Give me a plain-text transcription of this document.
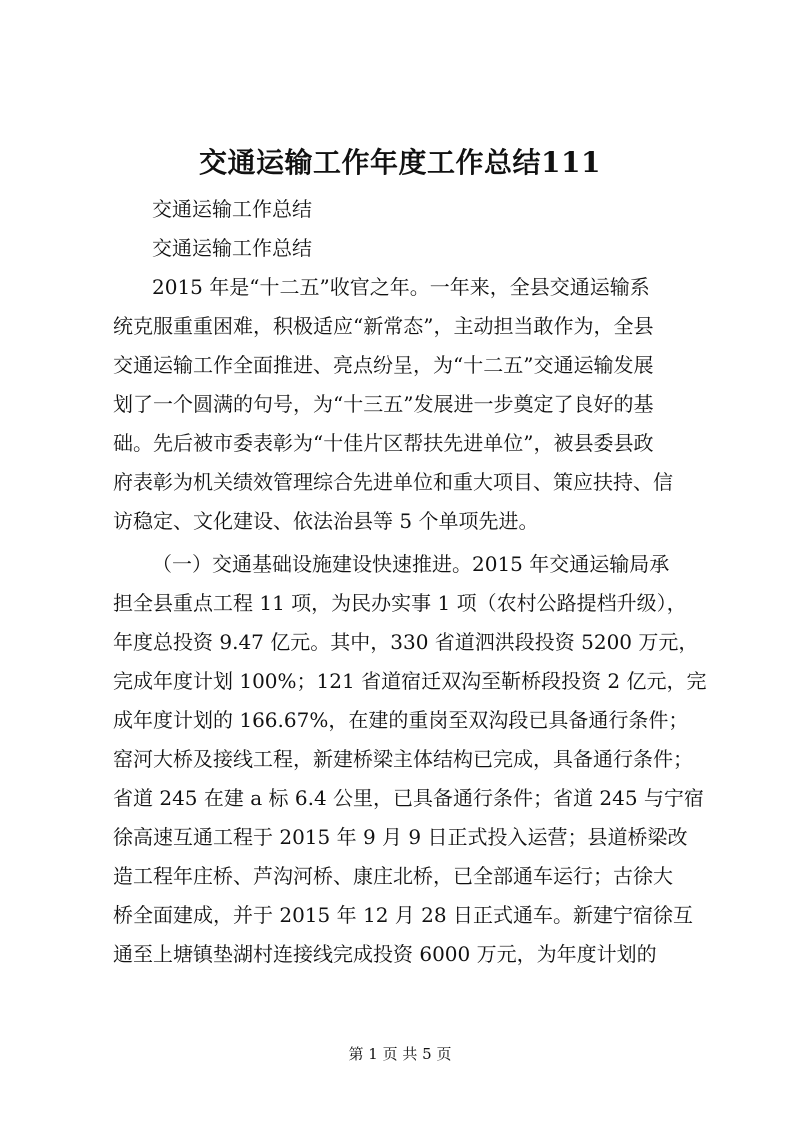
交通运输工作年度工作总结111

交通运输工作总结

交通运输工作总结

2015 年是“十二五”收官之年。一年来，全县交通运输系

统克服重重困难，积极适应“新常态”，主动担当敢作为，全县

交通运输工作全面推进、亮点纷呈，为“十二五”交通运输发展

划了一个圆满的句号，为“十三五”发展进一步奠定了良好的基

础。先后被市委表彰为“十佳片区帮扶先进单位”，被县委县政

府表彰为机关绩效管理综合先进单位和重大项目、策应扶持、信

访稳定、文化建设、依法治县等 5 个单项先进。

（一）交通基础设施建设快速推进。2015 年交通运输局承

担全县重点工程 11 项，为民办实事 1 项（农村公路提档升级），

年度总投资 9.47 亿元。其中，330 省道泗洪段投资 5200 万元，

完成年度计划 100%；121 省道宿迁双沟至靳桥段投资 2 亿元，完

成年度计划的 166.67%，在建的重岗至双沟段已具备通行条件；

窑河大桥及接线工程，新建桥梁主体结构已完成，具备通行条件；

省道 245 在建 a 标 6.4 公里，已具备通行条件；省道 245 与宁宿

徐高速互通工程于 2015 年 9 月 9 日正式投入运营；县道桥梁改

造工程年庄桥、芦沟河桥、康庄北桥，已全部通车运行；古徐大

桥全面建成，并于 2015 年 12 月 28 日正式通车。新建宁宿徐互

通至上塘镇垫湖村连接线完成投资 6000 万元，为年度计划的

第 1 页 共 5 页
